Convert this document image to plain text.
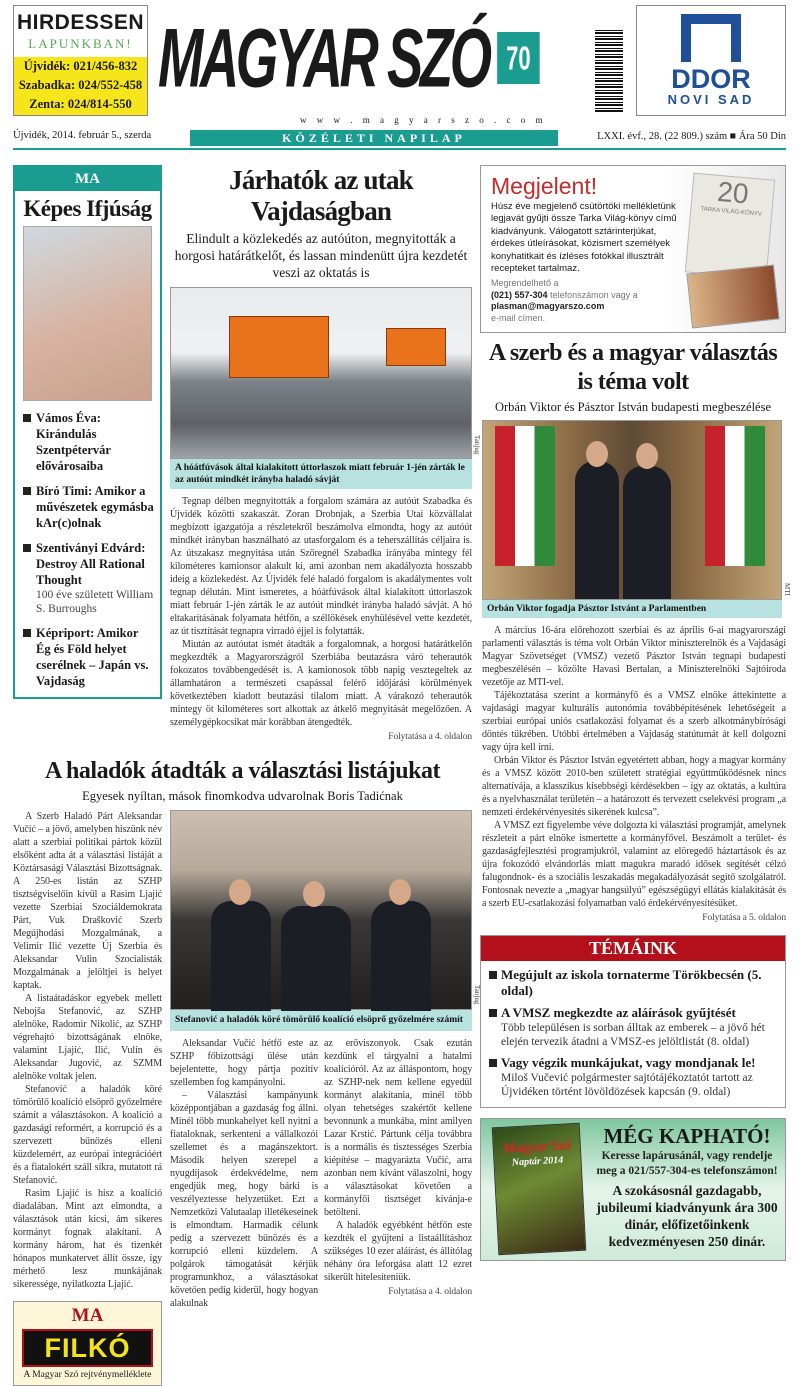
HIRDESSEN
LAPUNKBAN!
Újvidék: 021/456-832
Szabadka: 024/552-458
Zenta: 024/814-550 MAGYAR SZÓ 70
DDOR
NOVI SAD
w w w . m a g y a r s z o . c o m
Újvidék, 2014. február 5., szerda	KÖZÉLETI NAPILAP	LXXI. évf., 28. (22 809.) szám ■ Ára 50 Din
MA
Képes Ifjúság
Vámos Éva: Kirándulás Szentpétervár elővárosaiba
Bíró Timi: Amikor a művészetek egymásba kAr(c)olnak
Szentiványi Edvárd: Destroy All Rational Thought
100 éve született William S. Burroughs
Képriport: Amikor Ég és Föld helyet cserélnek – Japán vs. Vajdaság
Járhatók az utak Vajdaságban
Elindult a közlekedés az autóúton, megnyitották a horgosi határátkelőt, és lassan mindenütt újra kezdetét veszi az oktatás is
Tanjug
A hóátfúvások által kialakított úttorlaszok miatt február 1-jén zárták le az autóút mindkét irányba haladó sávját

Tegnap délben megnyitották a forgalom számára az autóút Szabadka és Újvidék közötti szakaszát. Zoran Drobnjak, a Szerbia Utai közvállalat megbízott igazgatója a részletekről beszámolva elmondta, hogy az autóút mindkét irányban használható az utasforgalom és a teherszállítás céljaira is. Az útszakasz megnyitása után Szőregnél Szabadka irányába mintegy fél kilométeres kamionsor alakult ki, ami azonban nem akadályozta hosszabb ideig a közlekedést. Az Újvidék felé haladó forgalom is akadálymentes volt tegnap délután. Mint ismeretes, a hóátfúvások által kialakított úttorlaszok miatt február 1-jén zárták le az autóút mindkét irányba haladó sávját. A hó eltakarításának folyamata hétfőn, a széllökések enyhülésével vette kezdetét, az út tisztítását tegnapra virradó éjjel is folytatták.

Miután az autóutat ismét átadták a forgalomnak, a horgosi határátkelőn megkezdték a Magyarországról Szerbiába beutazásra váró teherautók fokozatos továbbengedését is. A kamionosok több napig vesztegeltek az államhatáron a természeti csapással felérő időjárási körülmények következtében kiadott beutazási tilalom miatt. A várakozó teherautók mintegy öt kilométeres sort alkottak az átkelő megnyitását megelőzően. A személygépkocsikat már korábban átengedték.

Folytatása a 4. oldalon
A haladók átadták a választási listájukat
Egyesek nyíltan, mások finomkodva udvarolnak Boris Tadićnak

A Szerb Haladó Párt Aleksandar Vučić – a jövő, amelyben hiszünk név alatt a szerbiai politikai pártok közül elsőként adta át a választási listáját a Köztársasági Választási Bizottságnak. A 250-es listán az SZHP tisztségviselőin kívül a Rasim Ljajić vezette Szerbiai Szociáldemokrata Párt, Vuk Drašković Szerb Megújhodási Mozgalmának, a Velimir Ilić vezette Új Szerbia és Aleksandar Vulin Szocialisták Mozgalmának a jelöltjei is helyet kaptak.

A listaátadáskor egyebek mellett Nebojša Stefanović, az SZHP alelnöke, Radomir Nikolić, az SZHP végrehajtó bizottságának elnöke, valamint Ljajić, Ilić, Vulin és Aleksandar Jugović, az SZMM alelnöke voltak jelen.

Stefanović a haladók köré tömörülő koalíció elsöprő győzelmére számít a választásokon. A koalíció a gazdasági reformért, a korrupció és a szervezett bűnözés elleni küzdelemért, az európai integrációért és a fiatalokért száll síkra, mutatott rá Stefanović.

Rasim Ljajić is hisz a koalíció diadalában. Mint azt elmondta, a választások után kicsi, ám sikeres kormányt fognak alakítani. A kormány három, hat és tizenkét hónapos munkatervet állít össze, így mérhető lesz munkájának sikeressége, nyilatkozta Ljajić.

MA
FILKÓ
A Magyar Szó rejtvénymelléklete
Tanjug
Stefanović a haladók köré tömörülő koalíció elsöprő győzelmére számít

Aleksandar Vučić hétfő este az SZHP főbizottsági ülése után bejelentette, hogy pártja pozitív szellemben fog kampányolni.

– Választási kampányunk középpontjában a gazdaság fog állni. Minél több munkahelyet kell nyitni a fiataloknak, serkenteni a vállalkozói szellemet és a magánszektort. Második helyen szerepel a nyugdíjasok érdekvédelme, nem engedjük meg, hogy bárki is veszélyeztesse helyzetüket. Ezt a Nemzetközi Valutaalap illetékeseinek is elmondtam. Harmadik célunk pedig a szervezett bűnözés és a korrupció elleni küzdelem. A polgárok támogatását kérjük programunkhoz, a választásokat követően pedig kiderül, hogy hogyan alakulnak

az erőviszonyok. Csak ezután kezdünk el tárgyalni a hatalmi koalícióról. Az az álláspontom, hogy az SZHP-nek nem kellene egyedül kormányt alakítania, minél több olyan tehetséges szakértőt kellene bevonnunk a munkába, mint amilyen Lazar Krstić. Pártunk célja továbbra is a normális és tisztességes Szerbia kiépítése – magyarázta Vučić, arra azonban nem kívánt válaszolni, hogy a választásokat követően a kormányfői tisztséget kívánja-e betölteni.

A haladók egyébként hétfőn este kezdték el gyűjteni a listaállításhoz szükséges 10 ezer aláírást, és állítólag néhány óra leforgása alatt 12 ezret sikerült hitelesíteniük.

Folytatása a 4. oldalon
Megjelent!
Húsz éve megjelenő csütörtöki mellékletünk legjavát gyűjti össze Tarka Világ-könyv című kiadványunk. Válogatott sztárinterjúkat, érdekes útleírásokat, közismert személyek konyhatitkait és ízléses fotókkal illusztrált recepteket tartalmaz.
Megrendelhető a
(021) 557-304 telefonszámon vagy a
plasman@magyarszo.com
e-mail címen.
20
TARKA VILÁG-KÖNYV
A szerb és a magyar választás is téma volt
Orbán Viktor és Pásztor István budapesti megbeszélése
MTI
Orbán Viktor fogadja Pásztor Istvánt a Parlamentben

A március 16-ára előrehozott szerbiai és az április 6-ai magyarországi parlamenti választás is téma volt Orbán Viktor miniszterelnök és a Vajdasági Magyar Szövetséget (VMSZ) vezető Pásztor István tegnapi budapesti megbeszélésén – közölte Havasi Bertalan, a Miniszterelnöki Sajtóiroda vezetője az MTI-vel.

Tájékoztatása szerint a kormányfő és a VMSZ elnöke áttekintette a vajdasági magyar kulturális autonómia továbbépítésének lehetőségeit a szerbiai európai uniós csatlakozási folyamat és a szerb alkotmánybírósági döntés tükrében. Utóbbi értelmében a Vajdaság statútumát át kell dolgozni vagy újra kell írni.

Orbán Viktor és Pásztor István egyetértett abban, hogy a magyar kormány és a VMSZ között 2010-ben született stratégiai együttműködésnek nincs alternatívája, a klasszikus kisebbségi kérdésekben – így az oktatás, a kultúra és a nyelvhasználat területén – a határozott és tervezett cselekvési program „a nemzeti érdekérvényesítés sikerének kulcsa”.

A VMSZ ezt figyelembe véve dolgozta ki választási programját, amelynek részleteit a párt elnöke ismertette a kormányfővel. Beszámolt a terület- és gazdaságfejlesztési programjukról, valamint az elöregedő háztartások és az újra fokozódó elvándorlás miatt magukra maradó idősek segítését célzó falugondnok- és a szociális leszakadás megakadályozását segítő szolgálatról. Fontosnak nevezte a „magyar hangsúlyú” egészségügyi ellátás kialakítását és a szerb EU-csatlakozási folyamatban való érdekérvényesítésüket.

Folytatása a 5. oldalon
TÉMÁINK
Megújult az iskola tornaterme Törökbecsén (5. oldal)
A VMSZ megkezdte az aláírások gyűjtését
Több településen is sorban álltak az emberek – a jövő hét elején tervezik átadni a VMSZ-es jelöltlistát (8. oldal)
Vagy végzik munkájukat, vagy mondjanak le!
Miloš Vučević polgármester sajtótájékoztatót tartott az Újvidéken történt lövöldözések kapcsán (9. oldal)
Magyar Szó
Naptár 2014
MÉG KAPHATÓ!
Keresse lapárusánál, vagy rendelje meg a 021/557-304-es telefonszámon!
A szokásosnál gazdagabb, jubileumi kiadványunk ára 300 dinár, előfizetőinkenk kedvezményesen 250 dinár.
